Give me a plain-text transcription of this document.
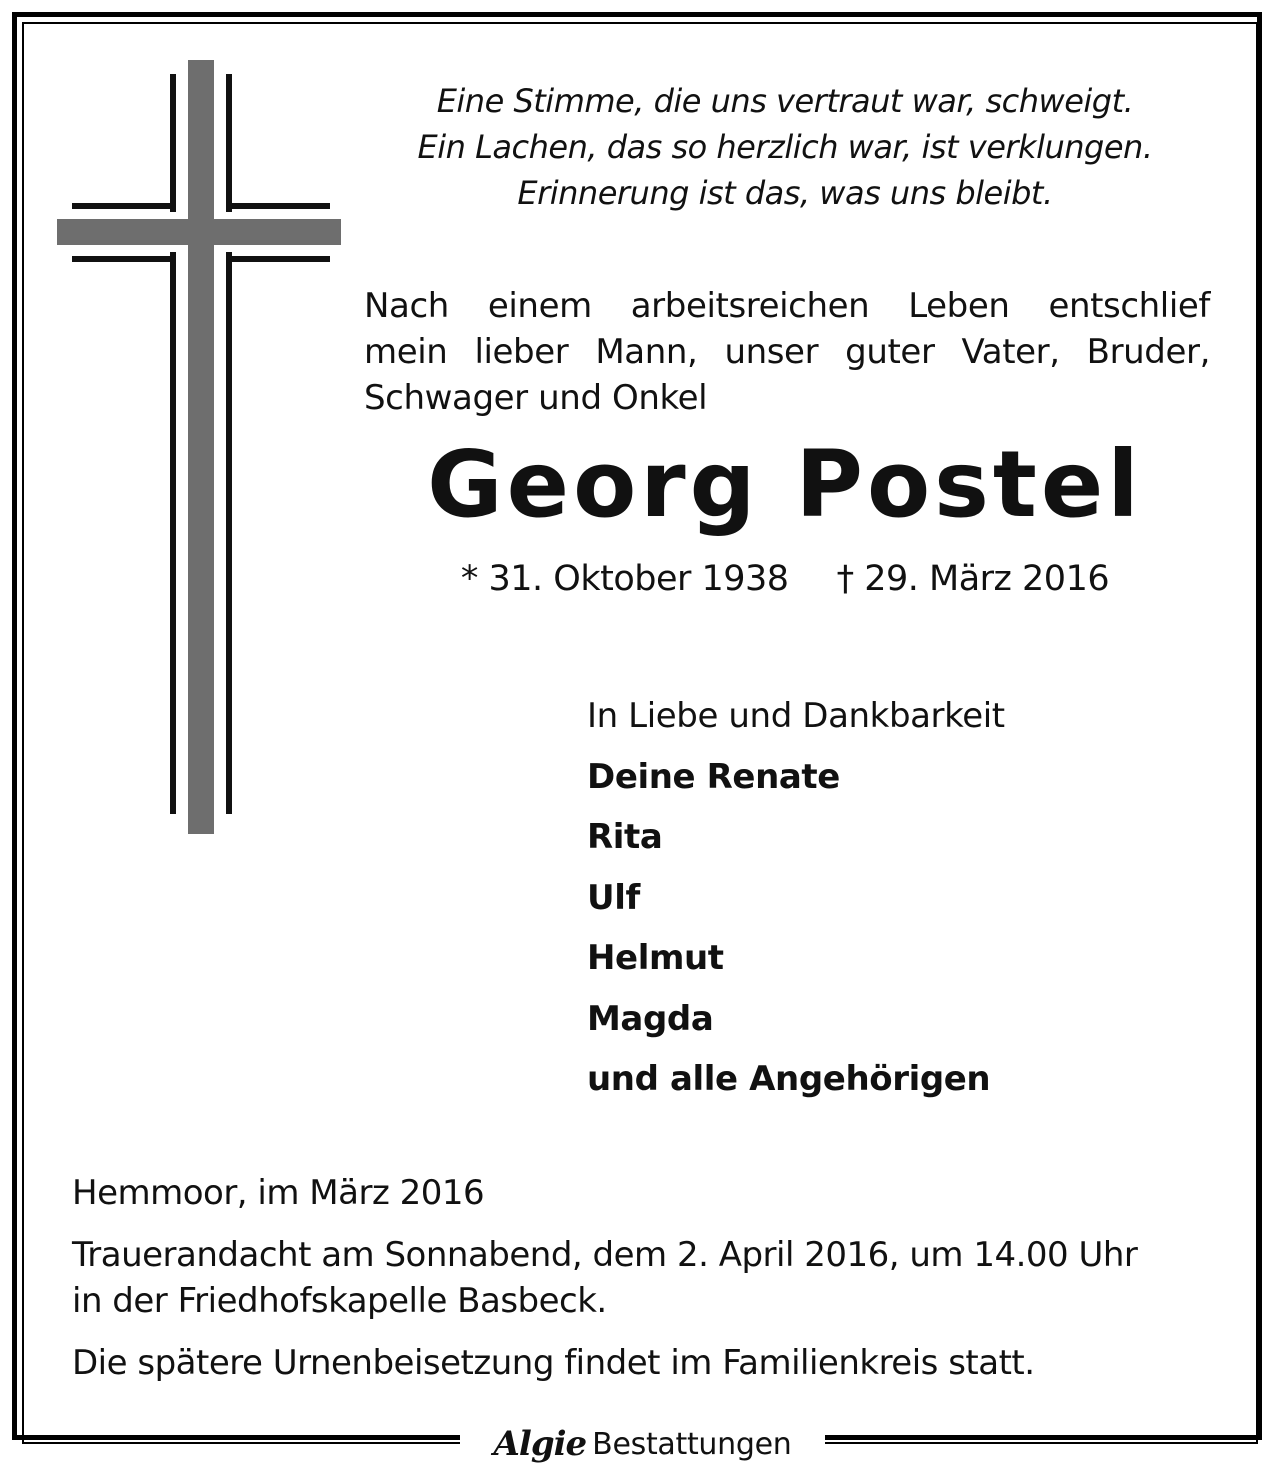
Eine Stimme, die uns vertraut war, schweigt.
Ein Lachen, das so herzlich war, ist verklungen.
Erinnerung ist das, was uns bleibt.
Nach einem arbeitsreichen Leben entschlief
mein lieber Mann, unser guter Vater, Bruder,
Schwager und Onkel
Georg Postel
* 31. Oktober 1938 † 29. März 2016
In Liebe und Dankbarkeit
Deine Renate
Rita
Ulf
Helmut
Magda
und alle Angehörigen
Hemmoor, im März 2016
Trauerandacht am Sonnabend, dem 2. April 2016, um 14.00 Uhr
in der Friedhofskapelle Basbeck.
Die spätere Urnenbeisetzung findet im Familienkreis statt.
Algie Bestattungen
